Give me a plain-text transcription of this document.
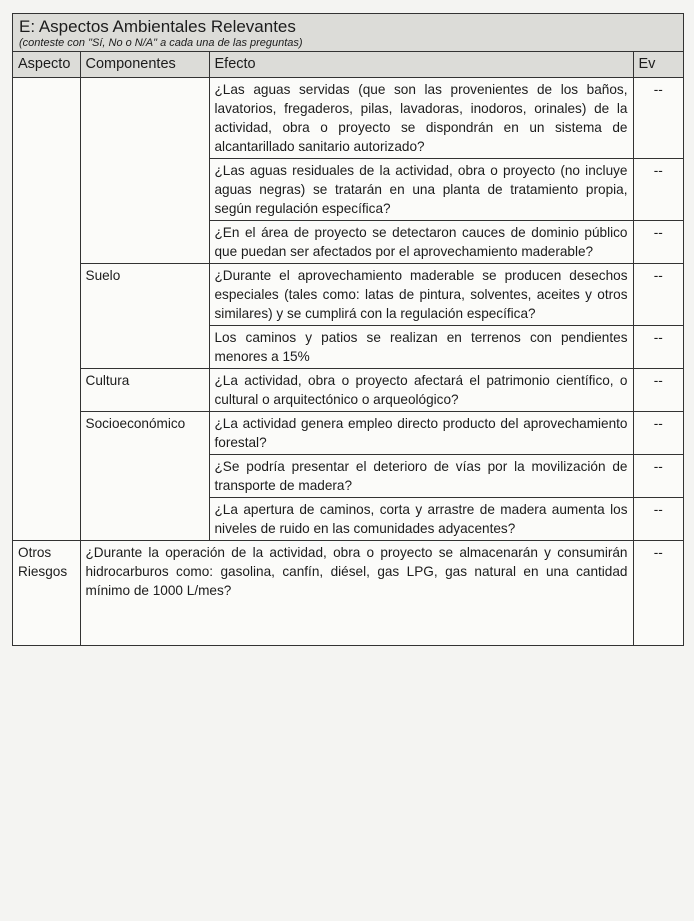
E: Aspectos Ambientales Relevantes
(conteste con "Sí, No o N/A" a cada una de las preguntas)
Aspecto	Componentes	Efecto	Ev
		¿Las aguas servidas (que son las provenientes de los baños, lavatorios, fregaderos, pilas, lavadoras, inodoros, orinales) de la actividad, obra o proyecto se dispondrán en un sistema de alcantarillado sanitario autorizado?	--
		¿Las aguas residuales de la actividad, obra o proyecto (no incluye aguas negras) se tratarán en una planta de tratamiento propia, según regulación específica?	--
		¿En el área de proyecto se detectaron cauces de dominio público que puedan ser afectados por el aprovechamiento maderable?	--
	Suelo	¿Durante el aprovechamiento maderable se producen desechos especiales (tales como: latas de pintura, solventes, aceites y otros similares) y se cumplirá con la regulación específica?	--
		Los caminos y patios se realizan en terrenos con pendientes menores a 15%	--
	Cultura	¿La actividad, obra o proyecto afectará el patrimonio científico, o cultural o arquitectónico o arqueológico?	--
	Socioeconómico	¿La actividad genera empleo directo producto del aprovechamiento forestal?	--
		¿Se podría presentar el deterioro de vías por la movilización de transporte de madera?	--
		¿La apertura de caminos, corta y arrastre de madera aumenta los niveles de ruido en las comunidades adyacentes?	--
Otros Riesgos	¿Durante la operación de la actividad, obra o proyecto se almacenarán y consumirán hidrocarburos como: gasolina, canfín, diésel, gas LPG, gas natural en una cantidad mínimo de 1000 L/mes?		--
